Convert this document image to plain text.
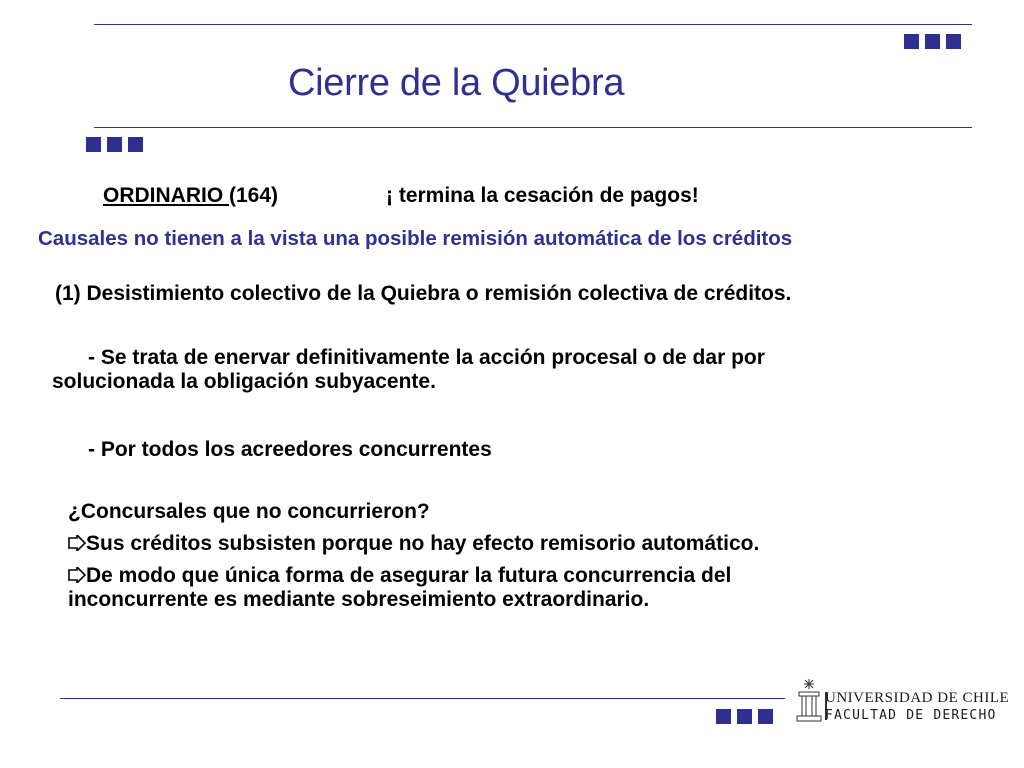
Cierre de la Quiebra
ORDINARIO (164)	¡ termina la cesación de pagos!
Causales no tienen a la vista una posible remisión automática de los créditos
(1) Desistimiento colectivo de la Quiebra o remisión colectiva de créditos.
- Se trata de enervar definitivamente la acción procesal o de dar por
solucionada la obligación subyacente.
- Por todos los acreedores concurrentes
¿Concursales que no concurrieron?
Sus créditos subsisten porque no hay efecto remisorio automático.
De modo que única forma de asegurar la futura concurrencia del
inconcurrente es mediante sobreseimiento extraordinario.
UNIVERSIDAD DE CHILE
FACULTAD DE DERECHO
